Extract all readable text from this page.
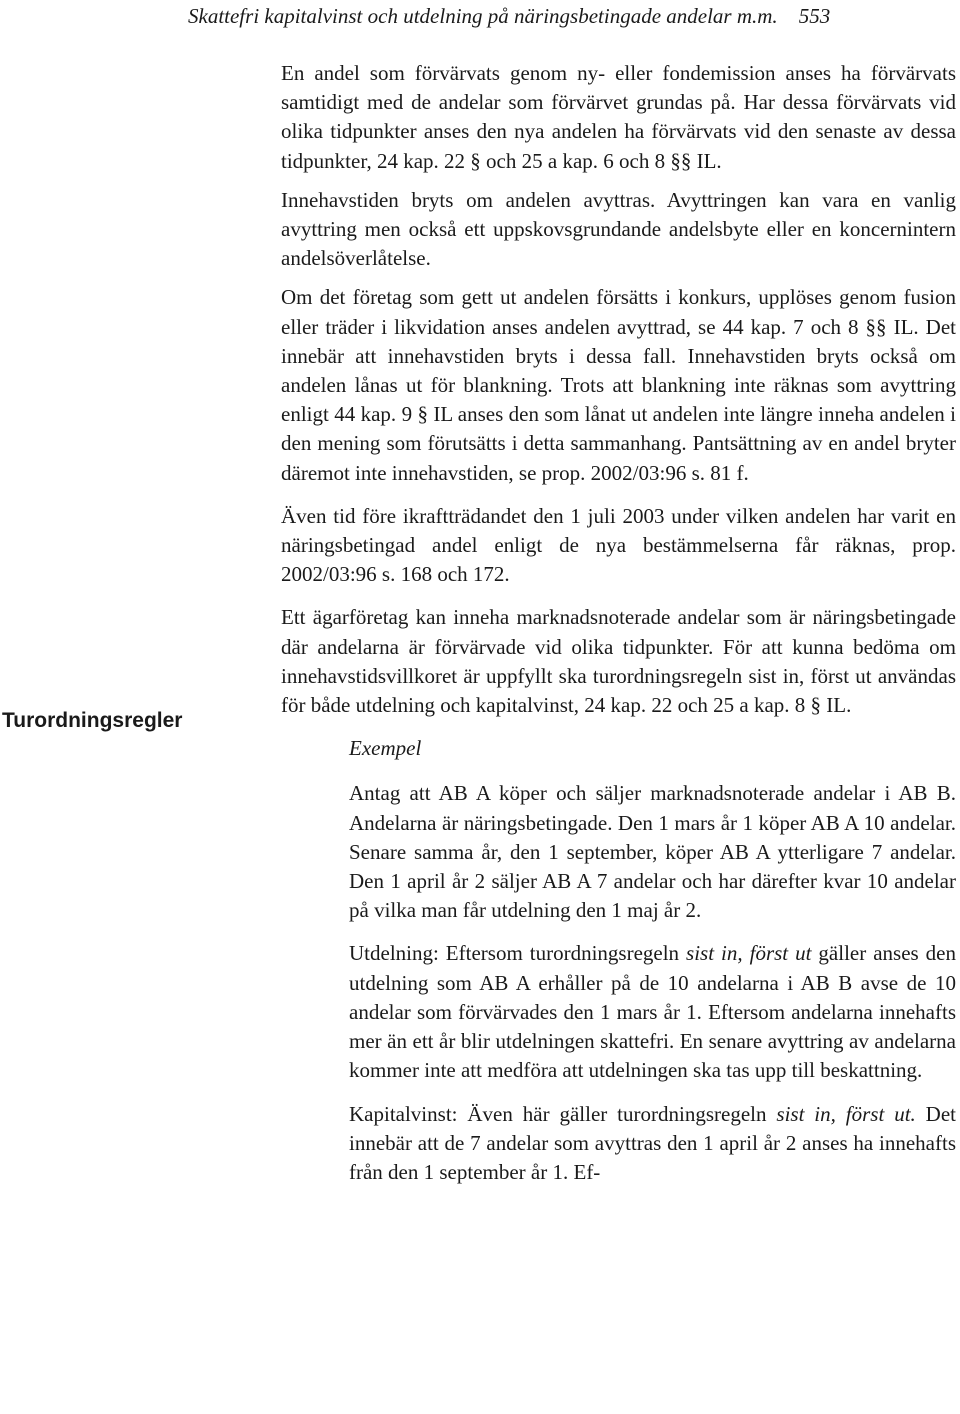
Skattefri kapitalvinst och utdelning på näringsbetingade andelar m.m. 553
Turordningsregler

En andel som förvärvats genom ny- eller fondemission anses ha förvärvats samtidigt med de andelar som förvärvet grundas på. Har dessa förvärvats vid olika tidpunkter anses den nya andelen ha förvärvats vid den senaste av dessa tidpunkter, 24 kap. 22 § och 25 a kap. 6 och 8 §§ IL.

Innehavstiden bryts om andelen avyttras. Avyttringen kan vara en vanlig avyttring men också ett uppskovsgrundande andelsbyte eller en koncernintern andelsöverlåtelse.

Om det företag som gett ut andelen försätts i konkurs, upplöses genom fusion eller träder i likvidation anses andelen avyttrad, se 44 kap. 7 och 8 §§ IL. Det innebär att innehavstiden bryts i dessa fall. Innehavstiden bryts också om andelen lånas ut för blankning. Trots att blankning inte räknas som avyttring enligt 44 kap. 9 § IL anses den som lånat ut andelen inte längre inneha andelen i den mening som förutsätts i detta sammanhang. Pantsättning av en andel bryter däremot inte innehavstiden, se prop. 2002/03:96 s. 81 f.

Även tid före ikraftträdandet den 1 juli 2003 under vilken andelen har varit en näringsbetingad andel enligt de nya bestämmelserna får räknas, prop. 2002/03:96 s. 168 och 172.

Ett ägarföretag kan inneha marknadsnoterade andelar som är näringsbetingade där andelarna är förvärvade vid olika tidpunkter. För att kunna bedöma om innehavstidsvillkoret är uppfyllt ska turordningsregeln sist in, först ut användas för både utdelning och kapitalvinst, 24 kap. 22 och 25 a kap. 8 § IL.

Exempel

Antag att AB A köper och säljer marknadsnoterade andelar i AB B. Andelarna är näringsbetingade. Den 1 mars år 1 köper AB A 10 andelar. Senare samma år, den 1 september, köper AB A ytterligare 7 andelar. Den 1 april år 2 säljer AB A 7 andelar och har därefter kvar 10 andelar på vilka man får utdelning den 1 maj år 2.

Utdelning: Eftersom turordningsregeln sist in, först ut gäller anses den utdelning som AB A erhåller på de 10 andelarna i AB B avse de 10 andelar som förvärvades den 1 mars år 1. Eftersom andelarna innehafts mer än ett år blir utdelningen skattefri. En senare avyttring av andelarna kommer inte att medföra att utdelningen ska tas upp till beskattning.

Kapitalvinst: Även här gäller turordningsregeln sist in, först ut. Det innebär att de 7 andelar som avyttras den 1 april år 2 anses ha innehafts från den 1 september år 1. Ef-
